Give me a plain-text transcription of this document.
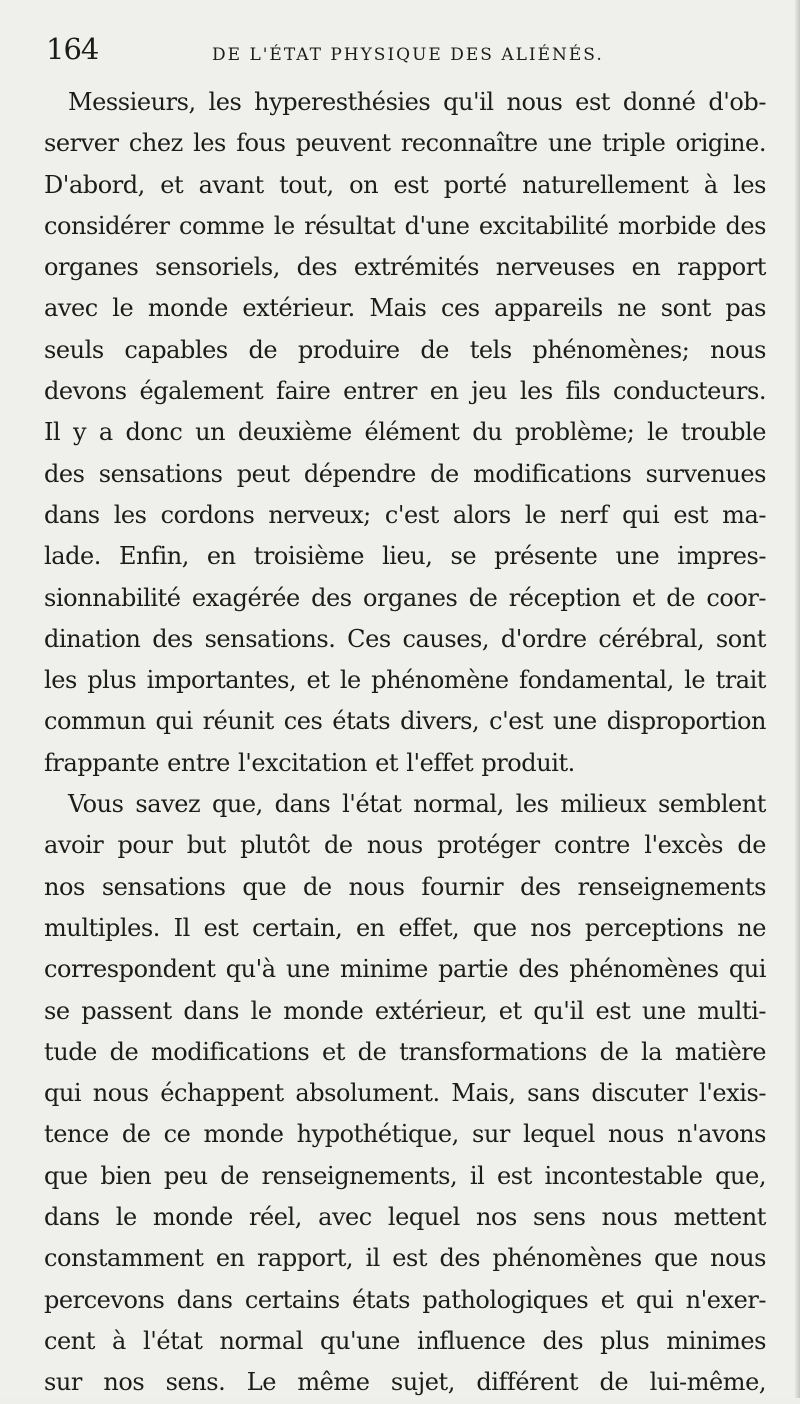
164	DE L'ÉTAT PHYSIQUE DES ALIÉNÉS.
Messieurs, les hyperesthésies qu'il nous est donné d'ob-
server chez les fous peuvent reconnaître une triple origine.
D'abord, et avant tout, on est porté naturellement à les
considérer comme le résultat d'une excitabilité morbide des
organes sensoriels, des extrémités nerveuses en rapport
avec le monde extérieur. Mais ces appareils ne sont pas
seuls capables de produire de tels phénomènes; nous
devons également faire entrer en jeu les fils conducteurs.
Il y a donc un deuxième élément du problème; le trouble
des sensations peut dépendre de modifications survenues
dans les cordons nerveux; c'est alors le nerf qui est ma-
lade. Enfin, en troisième lieu, se présente une impres-
sionnabilité exagérée des organes de réception et de coor-
dination des sensations. Ces causes, d'ordre cérébral, sont
les plus importantes, et le phénomène fondamental, le trait
commun qui réunit ces états divers, c'est une disproportion
frappante entre l'excitation et l'effet produit.
Vous savez que, dans l'état normal, les milieux semblent
avoir pour but plutôt de nous protéger contre l'excès de
nos sensations que de nous fournir des renseignements
multiples. Il est certain, en effet, que nos perceptions ne
correspondent qu'à une minime partie des phénomènes qui
se passent dans le monde extérieur, et qu'il est une multi-
tude de modifications et de transformations de la matière
qui nous échappent absolument. Mais, sans discuter l'exis-
tence de ce monde hypothétique, sur lequel nous n'avons
que bien peu de renseignements, il est incontestable que,
dans le monde réel, avec lequel nos sens nous mettent
constamment en rapport, il est des phénomènes que nous
percevons dans certains états pathologiques et qui n'exer-
cent à l'état normal qu'une influence des plus minimes
sur nos sens. Le même sujet, différent de lui-même,
